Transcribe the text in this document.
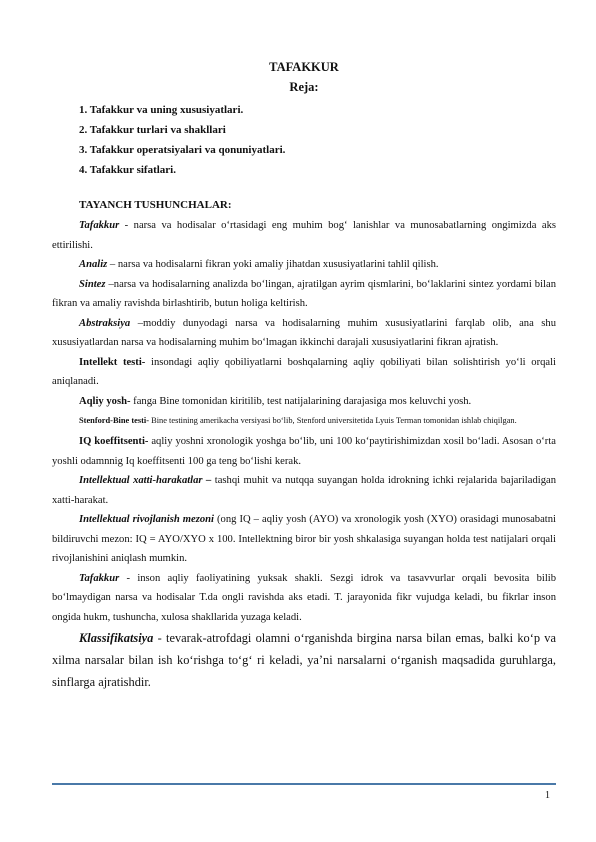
TAFAKKUR

Reja:

1. Tafakkur va uning xususiyatlari.

2. Tafakkur turlari va shakllari

3. Tafakkur operatsiyalari va qonuniyatlari.

4. Tafakkur sifatlari.

TAYANCH TUSHUNCHALAR:

Tafakkur - narsa va hodisalar o‘rtasidagi eng muhim bog‘ lanishlar va munosabatlarning ongimizda aks ettirilishi.

Analiz – narsa va hodisalarni fikran yoki amaliy jihatdan xususiyatlarini tahlil qilish.

Sintez –narsa va hodisalarning analizda bo‘lingan, ajratilgan ayrim qismlarini, bo‘laklarini sintez yordami bilan fikran va amaliy ravishda birlashtirib, butun holiga keltirish.

Abstraksiya –moddiy dunyodagi narsa va hodisalarning muhim xususiyatlarini farqlab olib, ana shu xususiyatlardan narsa va hodisalarning muhim bo‘lmagan ikkinchi darajali xususiyatlarini fikran ajratish.

Intellekt testi- insondagi aqliy qobiliyatlarni boshqalarning aqliy qobiliyati bilan solishtirish yo‘li orqali aniqlanadi.

Aqliy yosh- fanga Bine tomonidan kiritilib, test natijalarining darajasiga mos keluvchi yosh.

Stenford-Bine testi- Bine testining amerikacha versiyasi bo‘lib, Stenford universitetida Lyuis Terman tomonidan ishlab chiqilgan.

IQ koeffitsenti- aqliy yoshni xronologik yoshga bo‘lib, uni 100 ko‘paytirishimizdan xosil bo‘ladi. Asosan o‘rta yoshli odamnnig Iq koeffitsenti 100 ga teng bo‘lishi kerak.

Intellektual xatti-harakatlar – tashqi muhit va nutqqa suyangan holda idrokning ichki rejalarida bajariladigan xatti-harakat.

Intellektual rivojlanish mezoni (ong IQ – aqliy yosh (AYO) va xronologik yosh (XYO) orasidagi munosabatni bildiruvchi mezon: IQ = AYO/XYO x 100. Intellektning biror bir yosh shkalasiga suyangan holda test natijalari orqali rivojlanishini aniqlash mumkin.

Tafakkur - inson aqliy faoliyatining yuksak shakli. Sezgi idrok va tasavvurlar orqali bevosita bilib bo‘lmaydigan narsa va hodisalar T.da ongli ravishda aks etadi. T. jarayonida fikr vujudga keladi, bu fikrlar inson ongida hukm, tushuncha, xulosa shakllarida yuzaga keladi.

Klassifikatsiya - tevarak-atrofdagi olamni o‘rganishda birgina narsa bilan emas, balki ko‘p va xilma narsalar bilan ish ko‘rishga to‘g‘ ri keladi, ya’ni narsalarni o‘rganish maqsadida guruhlarga, sinflarga ajratishdir.

1
